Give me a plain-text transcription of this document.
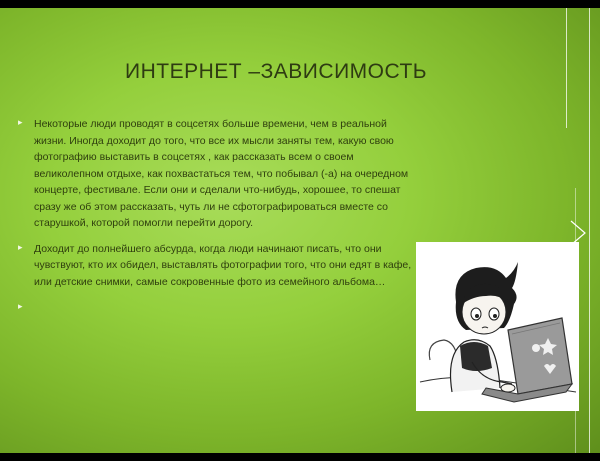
ИНТЕРНЕТ –ЗАВИСИМОСТЬ
▸ Некоторые люди проводят в соцсетях больше времени, чем в реальной жизни. Иногда доходит до того, что все их мысли заняты тем, какую свою фотографию выставить в соцсетях , как рассказать всем о своем великолепном отдыхе, как похвастаться тем, что побывал (-а) на очередном концерте, фестивале. Если они и сделали что-нибудь, хорошее, то спешат сразу же об этом рассказать, чуть ли не сфотографироваться вместе со старушкой, которой помогли перейти дорогу.
▸ Доходит до полнейшего абсурда, когда люди начинают писать, что они чувствуют, кто их обидел, выставлять фотографии того, что они едят в кафе, или детские снимки, самые сокровенные фото из семейного альбома…
▸
